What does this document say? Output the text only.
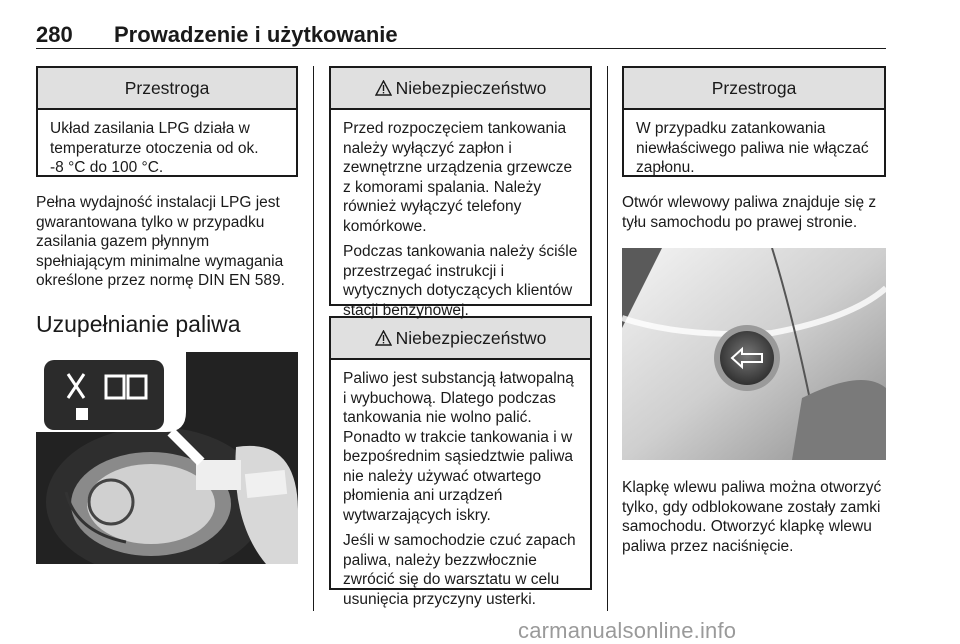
280 Prowadzenie i użytkowanie
Przestroga
Układ zasilania LPG działa w
temperaturze otoczenia od ok.
-8 °C do 100 °C.
Pełna wydajność instalacji LPG jest
gwarantowana tylko w przypadku
zasilania gazem płynnym
spełniającym minimalne wymagania
określone przez normę DIN EN 589.
Uzupełnianie paliwa
Niebezpieczeństwo

Przed rozpoczęciem tankowania
należy wyłączyć zapłon i
zewnętrzne urządzenia grzewcze
z komorami spalania. Należy
również wyłączyć telefony
komórkowe.

Podczas tankowania należy ściśle
przestrzegać instrukcji i
wytycznych dotyczących klientów
stacji benzynowej.

Niebezpieczeństwo

Paliwo jest substancją łatwopalną
i wybuchową. Dlatego podczas
tankowania nie wolno palić.
Ponadto w trakcie tankowania i w
bezpośrednim sąsiedztwie paliwa
nie należy używać otwartego
płomienia ani urządzeń
wytwarzających iskry.

Jeśli w samochodzie czuć zapach
paliwa, należy bezzwłocznie
zwrócić się do warsztatu w celu
usunięcia przyczyny usterki.

Przestroga
W przypadku zatankowania
niewłaściwego paliwa nie włączać
zapłonu.
Otwór wlewowy paliwa znajduje się z
tyłu samochodu po prawej stronie.
Klapkę wlewu paliwa można otworzyć
tylko, gdy odblokowane zostały zamki
samochodu. Otworzyć klapkę wlewu
paliwa przez naciśnięcie.
carmanualsonline.info
